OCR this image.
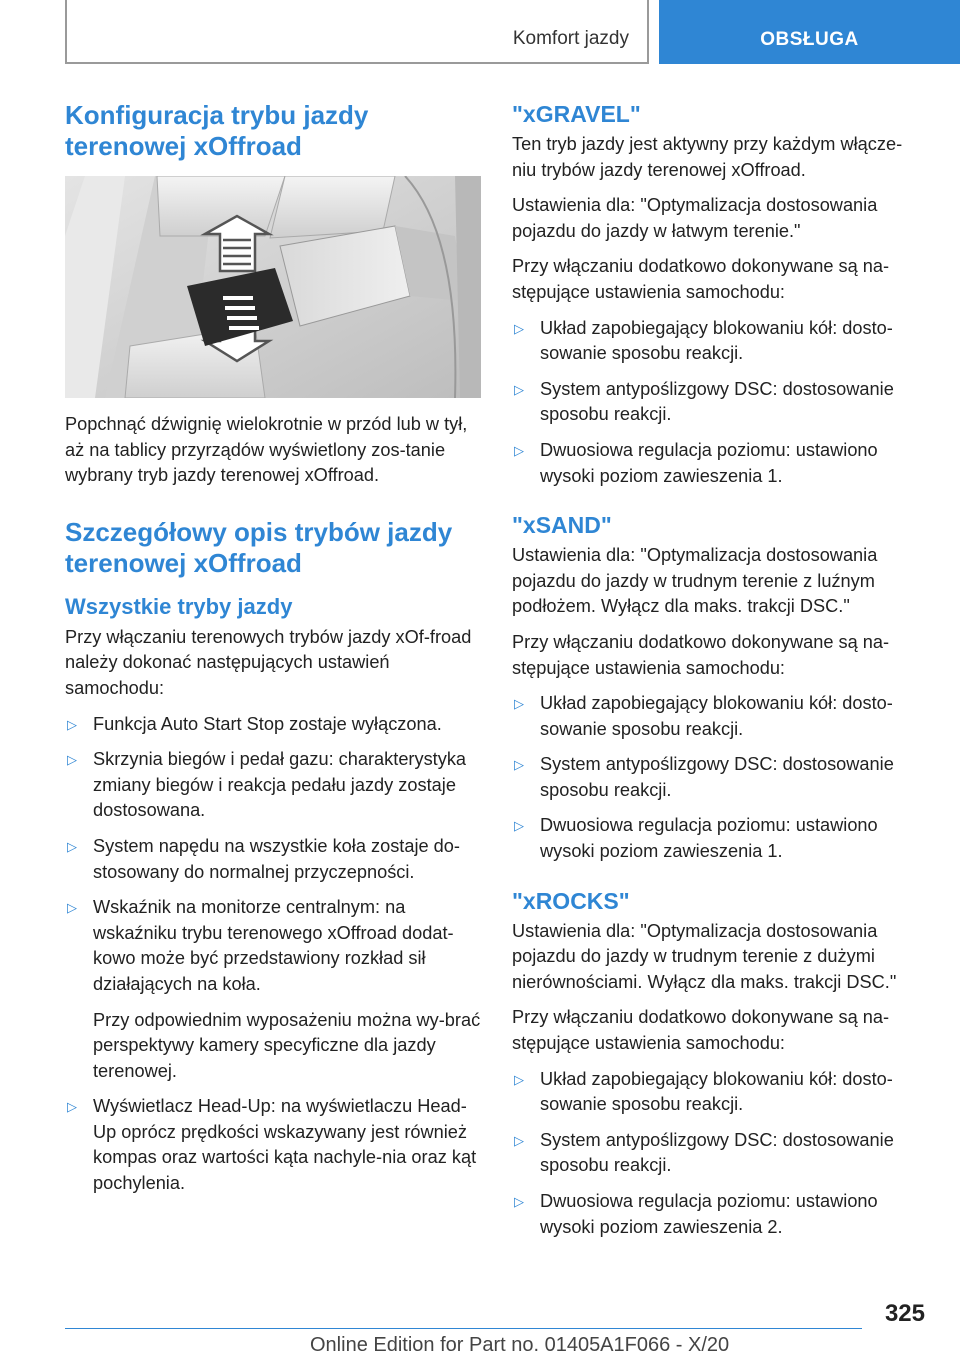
Komfort jazdy	OBSŁUGA
Konfiguracja trybu jazdy terenowej xOffroad

Popchnąć dźwignię wielokrotnie w przód lub w tył, aż na tablicy przyrządów wyświetlony zos-tanie wybrany tryb jazdy terenowej xOffroad.

Szczegółowy opis trybów jazdy terenowej xOffroad
Wszystkie tryby jazdy

Przy włączaniu terenowych trybów jazdy xOf-froad należy dokonać następujących ustawień samochodu:

▷ Funkcja Auto Start Stop zostaje wyłączona.
▷ Skrzynia biegów i pedał gazu: charakterystyka zmiany biegów i reakcja pedału jazdy zostaje dostosowana.
▷ System napędu na wszystkie koła zostaje do-stosowany do normalnej przyczepności.
▷ Wskaźnik na monitorze centralnym: na wskaźniku trybu terenowego xOffroad dodat-kowo może być przedstawiony rozkład sił działających na koła.
Przy odpowiednim wyposażeniu można wy-brać perspektywy kamery specyficzne dla jazdy terenowej.
▷ Wyświetlacz Head-Up: na wyświetlaczu Head-Up oprócz prędkości wskazywany jest również kompas oraz wartości kąta nachyle-nia oraz kąt pochylenia.
"xGRAVEL"

Ten tryb jazdy jest aktywny przy każdym włącze-niu trybów jazdy terenowej xOffroad.

Ustawienia dla: "Optymalizacja dostosowania pojazdu do jazdy w łatwym terenie."

Przy włączaniu dodatkowo dokonywane są na-stępujące ustawienia samochodu:

▷ Układ zapobiegający blokowaniu kół: dosto-sowanie sposobu reakcji.
▷ System antypoślizgowy DSC: dostosowanie sposobu reakcji.
▷ Dwuosiowa regulacja poziomu: ustawiono wysoki poziom zawieszenia 1.
"xSAND"

Ustawienia dla: "Optymalizacja dostosowania pojazdu do jazdy w trudnym terenie z luźnym podłożem. Wyłącz dla maks. trakcji DSC."

Przy włączaniu dodatkowo dokonywane są na-stępujące ustawienia samochodu:

▷ Układ zapobiegający blokowaniu kół: dosto-sowanie sposobu reakcji.
▷ System antypoślizgowy DSC: dostosowanie sposobu reakcji.
▷ Dwuosiowa regulacja poziomu: ustawiono wysoki poziom zawieszenia 1.
"xROCKS"

Ustawienia dla: "Optymalizacja dostosowania pojazdu do jazdy w trudnym terenie z dużymi nierównościami. Wyłącz dla maks. trakcji DSC."

Przy włączaniu dodatkowo dokonywane są na-stępujące ustawienia samochodu:

▷ Układ zapobiegający blokowaniu kół: dosto-sowanie sposobu reakcji.
▷ System antypoślizgowy DSC: dostosowanie sposobu reakcji.
▷ Dwuosiowa regulacja poziomu: ustawiono wysoki poziom zawieszenia 2.
325
Online Edition for Part no. 01405A1F066 - X/20
